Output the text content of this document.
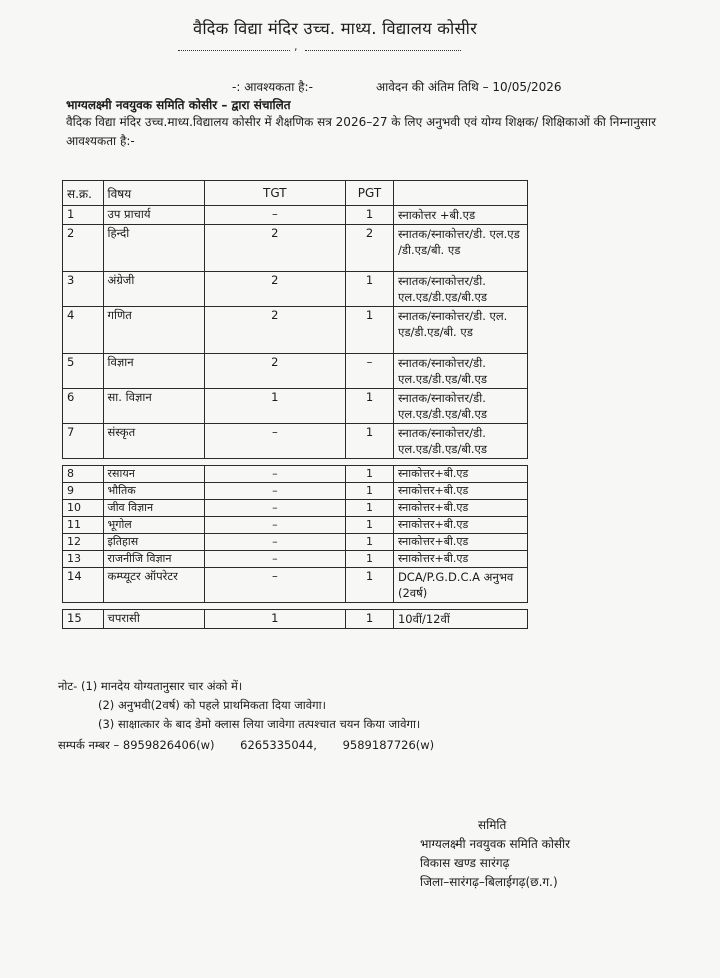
वैदिक विद्या मंदिर उच्च. माध्य. विद्यालय कोसीर
,
-: आवश्यकता है:-	आवेदन की अंतिम तिथि – 10/05/2026
भाग्यलक्ष्मी नवयुवक समिति कोसीर – द्वारा संचालित
वैदिक विद्या मंदिर उच्च.माध्य.विद्यालय कोसीर में शैक्षणिक सत्र 2026–27 के लिए अनुभवी एवं योग्य शिक्षक/ शिक्षिकाओं की निम्नानुसार आवश्यकता है:-
स.क्र.	विषय	TGT	PGT	
1	उप प्राचार्य	–	1	स्नाकोत्तर +बी.एड
2	हिन्दी	2	2	स्नातक/स्नाकोत्तर/डी. एल.एड /डी.एड/बी. एड
3	अंग्रेजी	2	1	स्नातक/स्नाकोत्तर/डी. एल.एड/डी.एड/बी.एड
4	गणित	2	1	स्नातक/स्नाकोत्तर/डी. एल. एड/डी.एड/बी. एड
5	विज्ञान	2	–	स्नातक/स्नाकोत्तर/डी. एल.एड/डी.एड/बी.एड
6	सा. विज्ञान	1	1	स्नातक/स्नाकोत्तर/डी. एल.एड/डी.एड/बी.एड
7	संस्कृत	–	1	स्नातक/स्नाकोत्तर/डी. एल.एड/डी.एड/बी.एड

8	रसायन	–	1	स्नाकोत्तर+बी.एड
9	भौतिक	–	1	स्नाकोत्तर+बी.एड
10	जीव विज्ञान	–	1	स्नाकोत्तर+बी.एड
11	भूगोल	–	1	स्नाकोत्तर+बी.एड
12	इतिहास	–	1	स्नाकोत्तर+बी.एड
13	राजनीजि विज्ञान	–	1	स्नाकोत्तर+बी.एड
14	कम्प्यूटर ऑपरेटर	–	1	DCA/P.G.D.C.A अनुभव (2वर्ष)

15	चपरासी	1	1	10वीं/12वीं
नोट- (1) मानदेय योग्यतानुसार चार अंको में।
(2) अनुभवी(2वर्ष) को पहले प्राथमिकता दिया जावेगा।
(3) साक्षात्कार के बाद डेमो क्लास लिया जावेगा तत्पश्चात चयन किया जावेगा।
सम्पर्क नम्बर – 8959826406(w) 6265335044, 9589187726(w)
समिति
भाग्यलक्ष्मी नवयुवक समिति कोसीर
विकास खण्ड सारंगढ़
जिला–सारंगढ़–बिलाईगढ़(छ.ग.)
